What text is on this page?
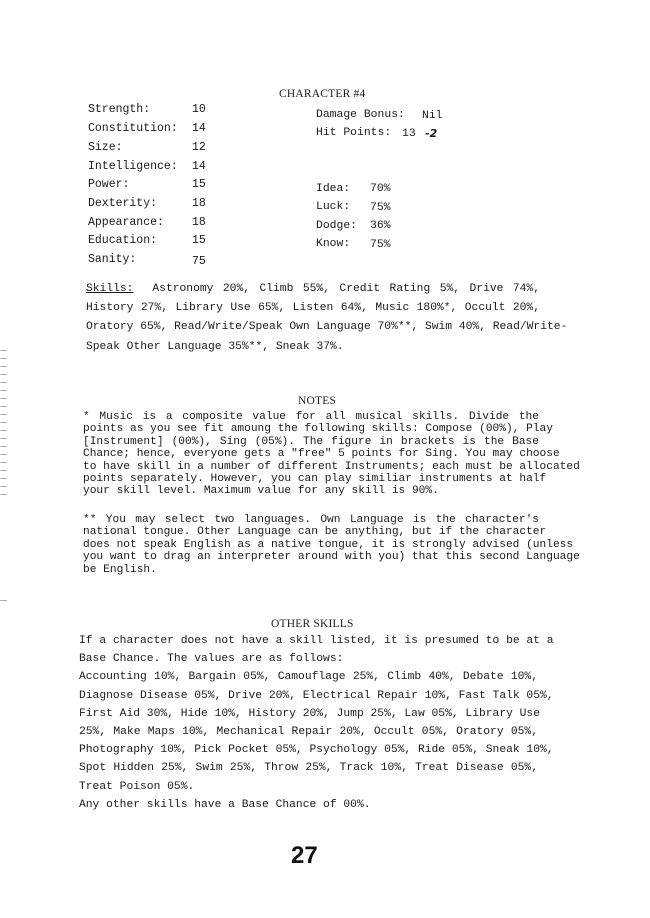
CHARACTER #4
Strength:	10
Constitution: 14
Size:	12
Intelligence: 14
Power:	15
Dexterity:	18
Appearance: 18
Education:	15
Sanity:	75
Damage Bonus: Nil
Hit Points: 13 -2
Idea: 70%
Luck: 75%
Dodge: 36%
Know: 75%
Skills: Astronomy 20%, Climb 55%, Credit Rating 5%, Drive 74%,
History 27%, Library Use 65%, Listen 64%, Music 180%*, Occult 20%,
Oratory 65%, Read/Write/Speak Own Language 70%**, Swim 40%, Read/Write-
Speak Other Language 35%**, Sneak 37%.
NOTES
* Music is a composite value for all musical skills. Divide the
points as you see fit amoung the following skills: Compose (00%), Play
[Instrument] (00%), Sing (05%). The figure in brackets is the Base
Chance; hence, everyone gets a "free" 5 points for Sing. You may choose
to have skill in a number of different Instruments; each must be allocated
points separately. However, you can play similiar instruments at half
your skill level. Maximum value for any skill is 90%.
** You may select two languages. Own Language is the character's
national tongue. Other Language can be anything, but if the character
does not speak English as a native tongue, it is strongly advised (unless
you want to drag an interpreter around with you) that this second Language
be English.
OTHER SKILLS
If a character does not have a skill listed, it is presumed to be at a
Base Chance. The values are as follows:
Accounting 10%, Bargain 05%, Camouflage 25%, Climb 40%, Debate 10%,
Diagnose Disease 05%, Drive 20%, Electrical Repair 10%, Fast Talk 05%,
First Aid 30%, Hide 10%, History 20%, Jump 25%, Law 05%, Library Use
25%, Make Maps 10%, Mechanical Repair 20%, Occult 05%, Oratory 05%,
Photography 10%, Pick Pocket 05%, Psychology 05%, Ride 05%, Sneak 10%,
Spot Hidden 25%, Swim 25%, Throw 25%, Track 10%, Treat Disease 05%,
Treat Poison 05%.
Any other skills have a Base Chance of 00%.
27
